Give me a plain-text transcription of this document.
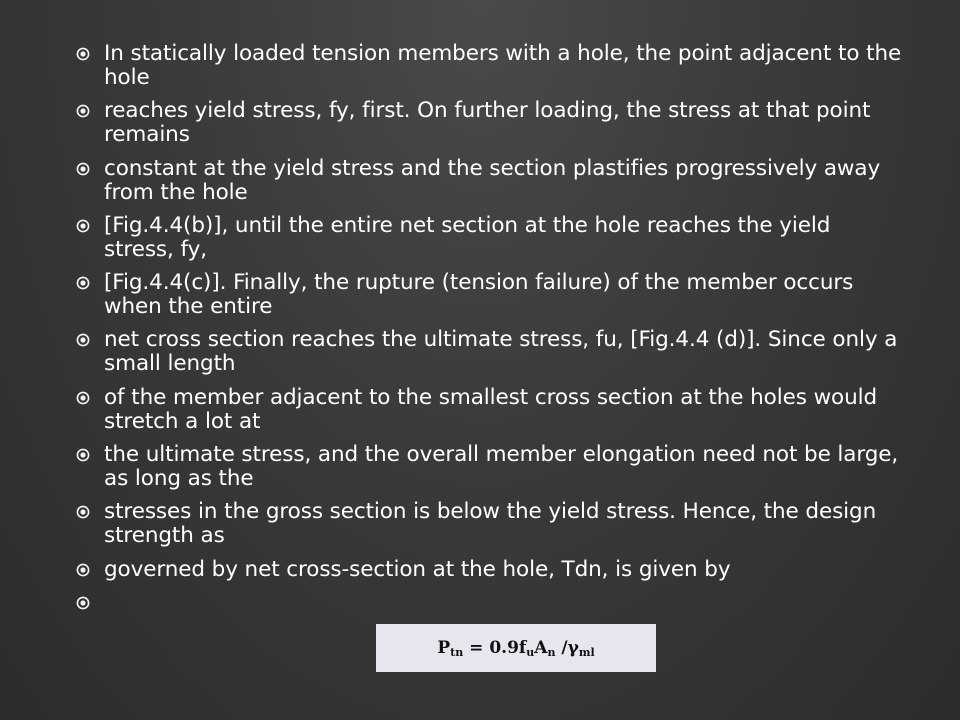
In statically loaded tension members with a hole, the point adjacent to the hole
reaches yield stress, fy, first. On further loading, the stress at that point remains
constant at the yield stress and the section plastifies progressively away from the hole
[Fig.4.4(b)], until the entire net section at the hole reaches the yield stress, fy,
[Fig.4.4(c)]. Finally, the rupture (tension failure) of the member occurs when the entire
net cross section reaches the ultimate stress, fu, [Fig.4.4 (d)]. Since only a small length
of the member adjacent to the smallest cross section at the holes would stretch a lot at
the ultimate stress, and the overall member elongation need not be large, as long as the
stresses in the gross section is below the yield stress. Hence, the design strength as
governed by net cross-section at the hole, Tdn, is given by
$P_{tn} = 0.9f_uA_n$ $/\gamma_{ml}$
